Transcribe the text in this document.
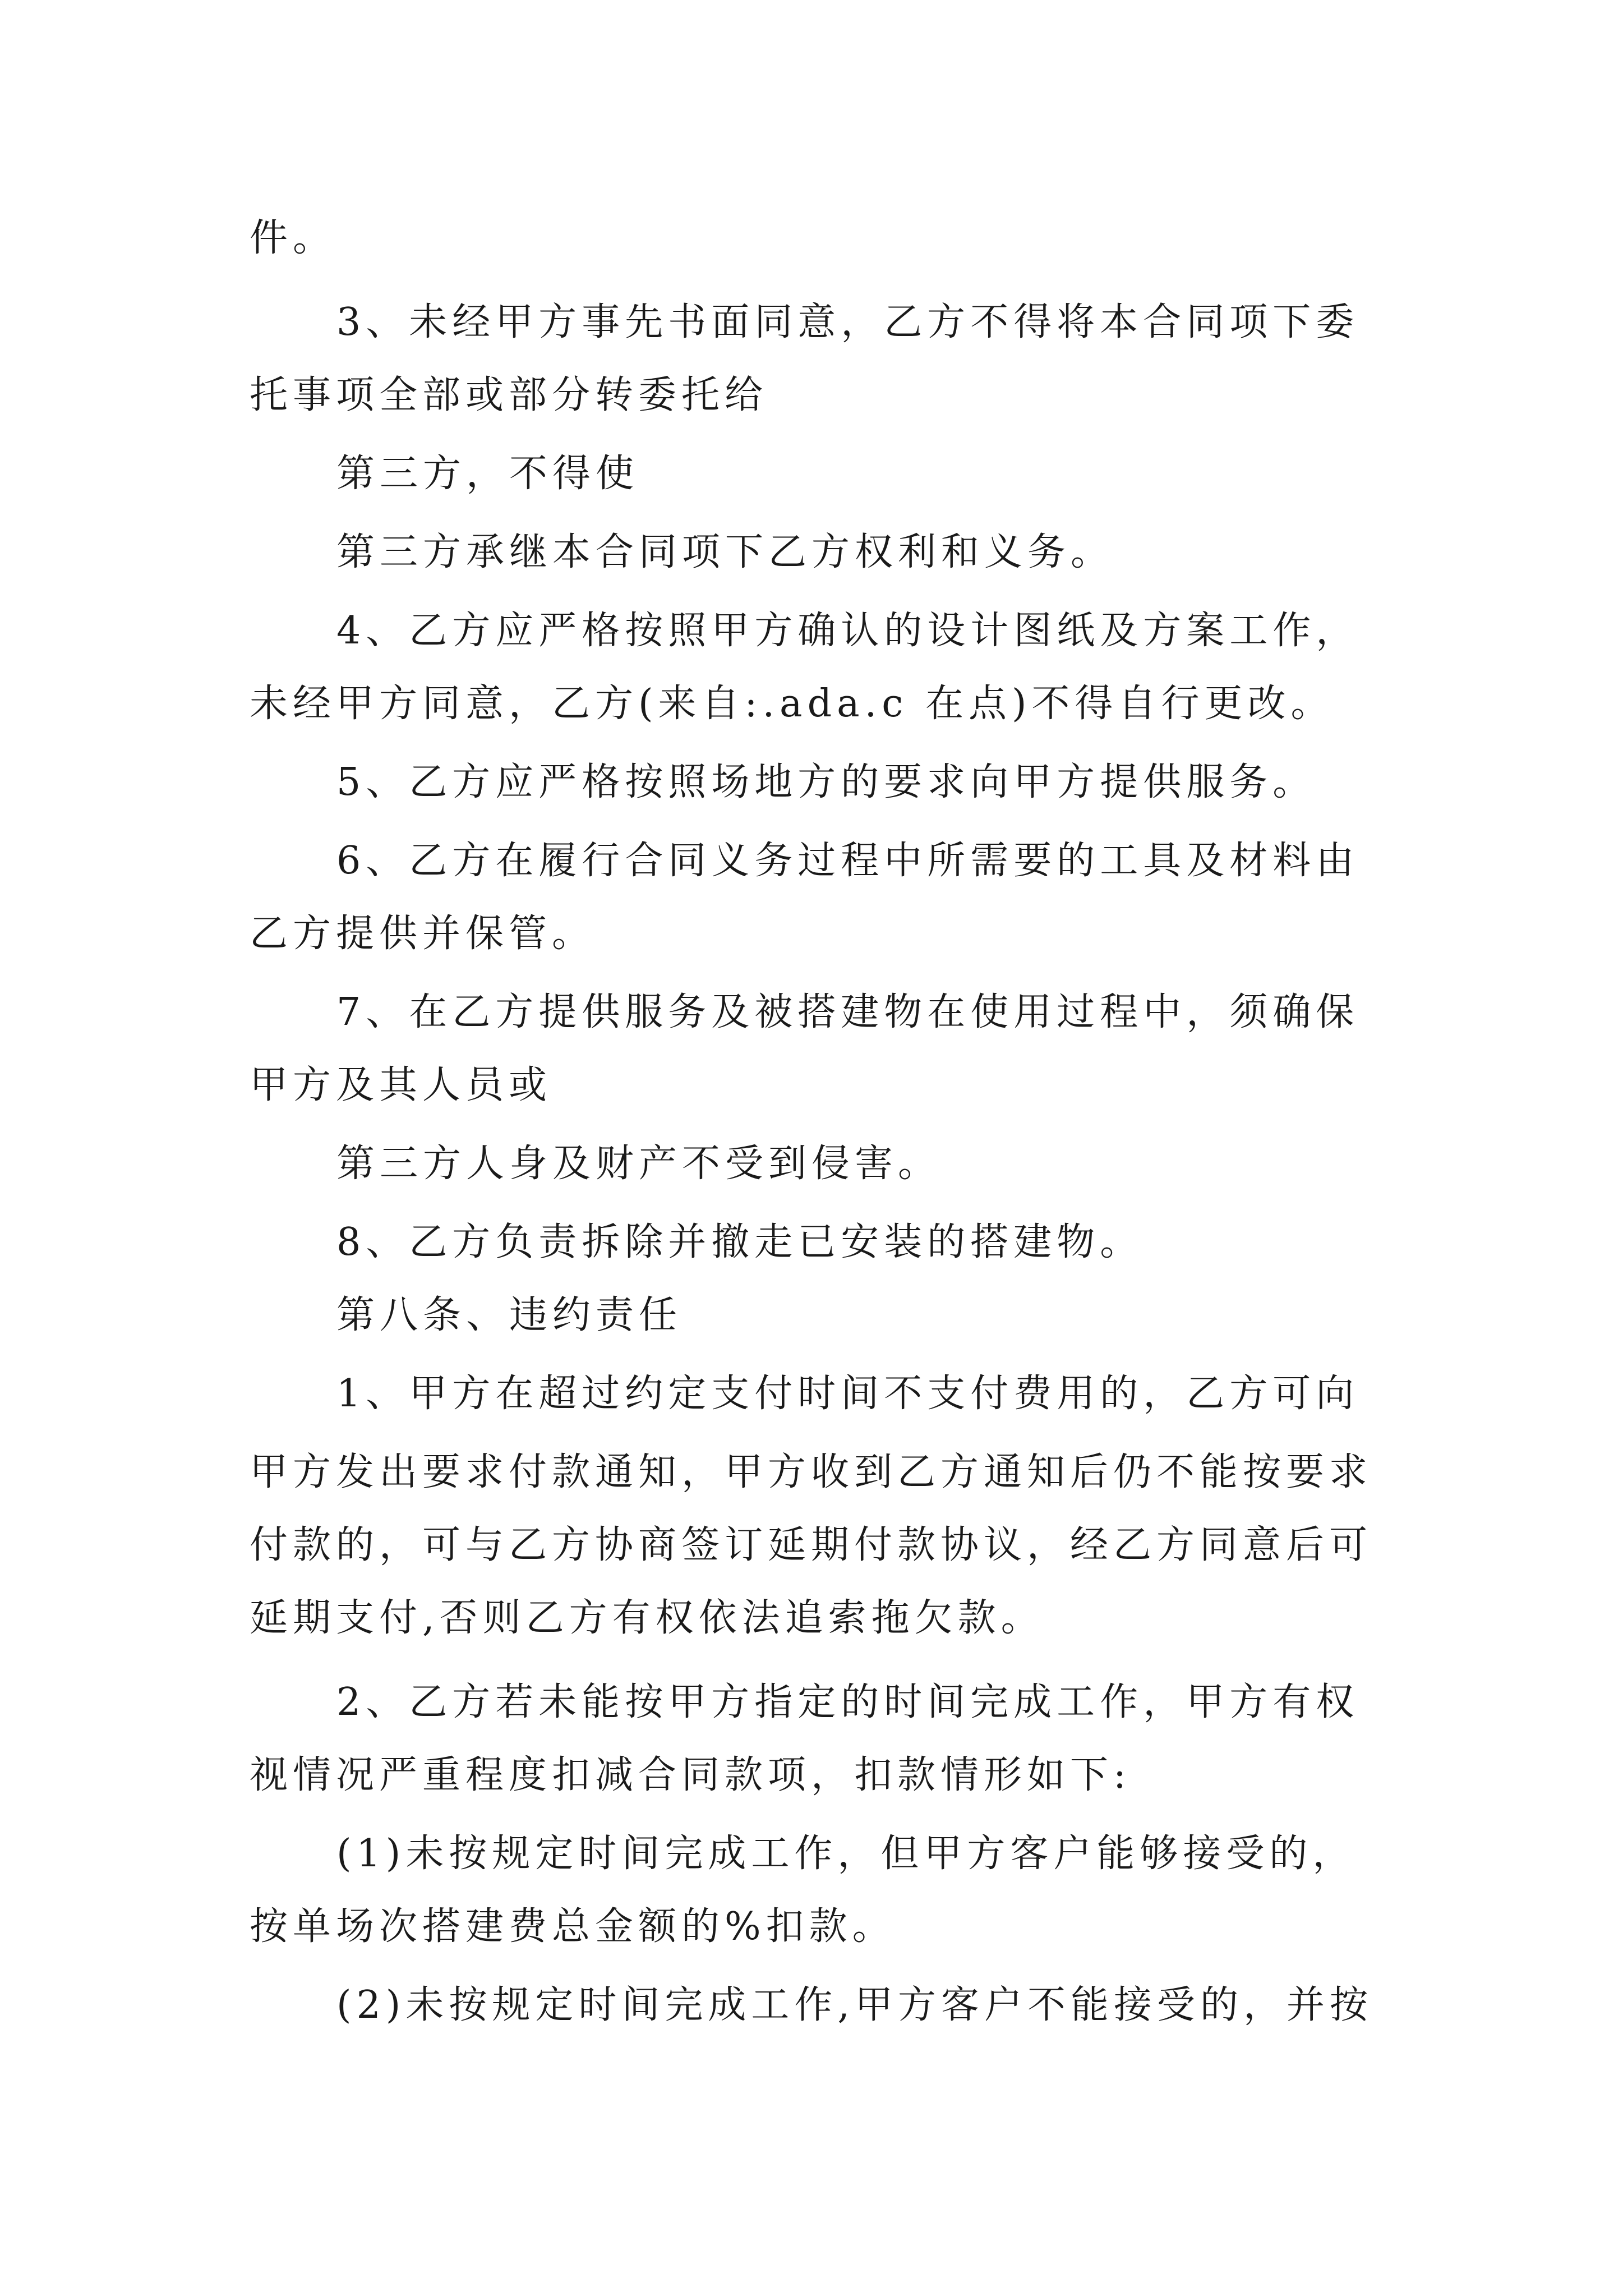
件。
3、未经甲方事先书面同意，乙方不得将本合同项下委
托事项全部或部分转委托给
第三方，不得使
第三方承继本合同项下乙方权利和义务。
4、乙方应严格按照甲方确认的设计图纸及方案工作，
未经甲方同意，乙方(来自:.ada.c 在点)不得自行更改。
5、乙方应严格按照场地方的要求向甲方提供服务。
6、乙方在履行合同义务过程中所需要的工具及材料由
乙方提供并保管。
7、在乙方提供服务及被搭建物在使用过程中，须确保
甲方及其人员或
第三方人身及财产不受到侵害。
8、乙方负责拆除并撤走已安装的搭建物。
第八条、违约责任
1、甲方在超过约定支付时间不支付费用的，乙方可向
甲方发出要求付款通知，甲方收到乙方通知后仍不能按要求
付款的，可与乙方协商签订延期付款协议，经乙方同意后可
延期支付,否则乙方有权依法追索拖欠款。
2、乙方若未能按甲方指定的时间完成工作，甲方有权
视情况严重程度扣减合同款项，扣款情形如下:
(1)未按规定时间完成工作，但甲方客户能够接受的，
按单场次搭建费总金额的%扣款。
(2)未按规定时间完成工作,甲方客户不能接受的，并按
